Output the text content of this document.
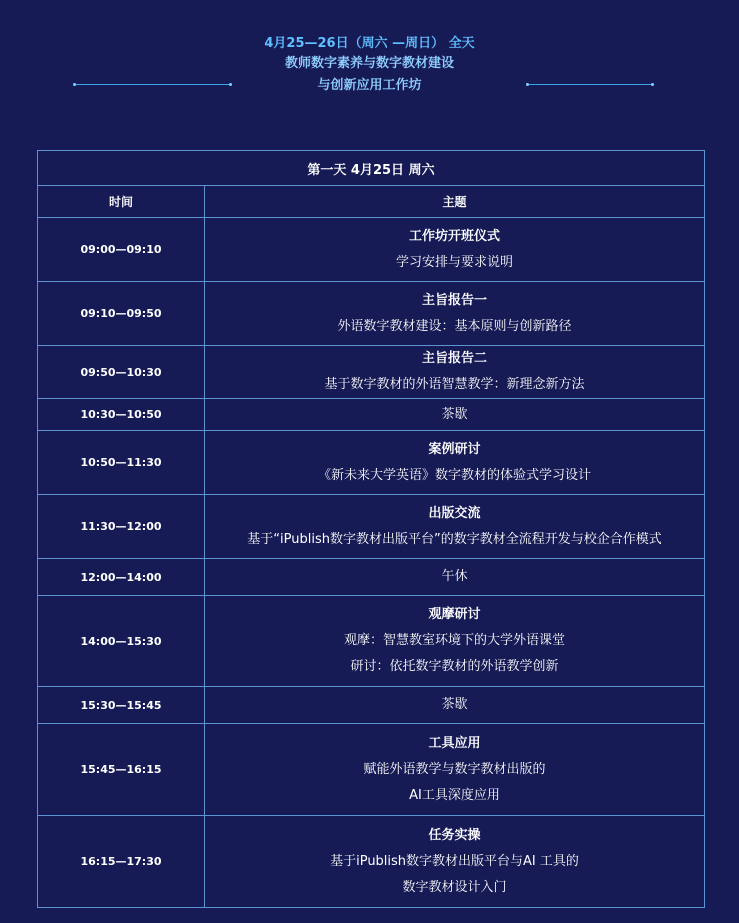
4月25—26日（周六 —周日） 全天
教师数字素养与数字教材建设
与创新应用工作坊
第一天 4月25日 周六	
时间	主题
09:00—09:10	工作坊开班仪式
学习安排与要求说明

09:10—09:50	主旨报告一
外语数字教材建设：基本原则与创新路径

09:50—10:30	主旨报告二
基于数字教材的外语智慧教学：新理念新方法

10:30—10:50	茶歇

10:50—11:30	案例研讨
《新未来大学英语》数字教材的体验式学习设计

11:30—12:00	出版交流
基于“iPublish数字教材出版平台”的数字教材全流程开发与校企合作模式

12:00—14:00	午休

14:00—15:30	观摩研讨
观摩：智慧教室环境下的大学外语课堂
研讨：依托数字教材的外语教学创新

15:30—15:45	茶歇

15:45—16:15	工具应用
赋能外语教学与数字教材出版的
AI工具深度应用

16:15—17:30	任务实操
基于iPublish数字教材出版平台与AI 工具的
数字教材设计入门
